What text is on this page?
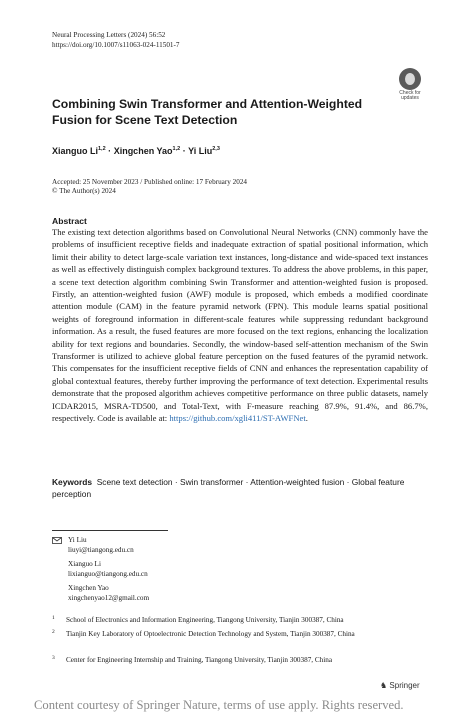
Neural Processing Letters (2024) 56:52
https://doi.org/10.1007/s11063-024-11501-7
Check for
updates
Combining Swin Transformer and Attention-Weighted Fusion for Scene Text Detection
Xianguo Li$^{1,2}$ · Xingchen Yao$^{1,2}$ · Yi Liu$^{2,3}$
Accepted: 25 November 2023 / Published online: 17 February 2024
© The Author(s) 2024
Abstract
The existing text detection algorithms based on Convolutional Neural Networks (CNN) commonly have the problems of insufficient receptive fields and inadequate extraction of spatial positional information, which limit their ability to detect large-scale variation text instances, long-distance and wide-spaced text instances as well as effectively distinguish complex background textures. To address the above problems, in this paper, a scene text detection algorithm combining Swin Transformer and attention-weighted fusion is proposed. Firstly, an attention-weighted fusion (AWF) module is proposed, which embeds a modified coordinate attention module (CAM) in the feature pyramid network (FPN). This module learns spatial positional weights of foreground information in different-scale features while suppressing redundant background information. As a result, the fused features are more focused on the text regions, enhancing the localization ability for text regions and boundaries. Secondly, the window-based self-attention mechanism of the Swin Transformer is utilized to achieve global feature perception on the fused features of the pyramid network. This compensates for the insufficient receptive fields of CNN and enhances the representation capability of global contextual features, thereby further improving the performance of text detection. Experimental results demonstrate that the proposed algorithm achieves competitive performance on three public datasets, namely ICDAR2015, MSRA-TD500, and Total-Text, with F-measure reaching 87.9%, 91.4%, and 86.7%, respectively. Code is available at: https://github.com/xgli411/ST-AWFNet.
Keywords Scene text detection · Swin transformer · Attention-weighted fusion · Global feature perception
Yi Liu
liuyi@tiangong.edu.cn
Xianguo Li
lixianguo@tiangong.edu.cn
Xingchen Yao
xingchenyao12@gmail.com
1 School of Electronics and Information Engineering, Tiangong University, Tianjin 300387, China
2 Tianjin Key Laboratory of Optoelectronic Detection Technology and System, Tianjin 300387, China
3 Center for Engineering Internship and Training, Tiangong University, Tianjin 300387, China
♞ Springer
Content courtesy of Springer Nature, terms of use apply. Rights reserved.
